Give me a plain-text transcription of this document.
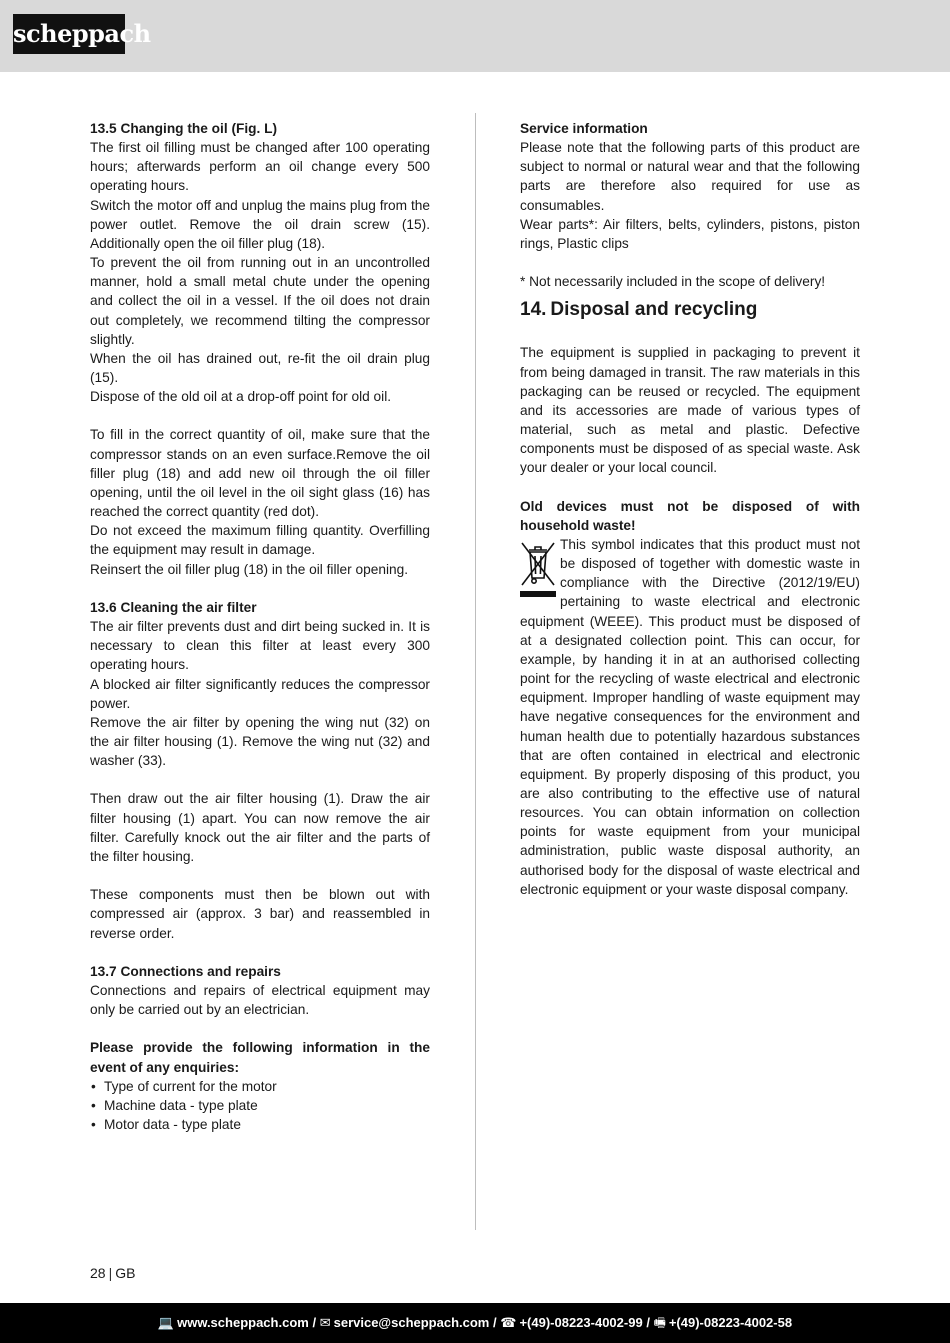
scheppach

13.5 Changing the oil (Fig. L)

The first oil filling must be changed after 100 operating hours; afterwards perform an oil change every 500 operating hours.

Switch the motor off and unplug the mains plug from the power outlet. Remove the oil drain screw (15). Additionally open the oil filler plug (18).

To prevent the oil from running out in an uncontrolled manner, hold a small metal chute under the opening and collect the oil in a vessel. If the oil does not drain out completely, we recommend tilting the compressor slightly.

When the oil has drained out, re-fit the oil drain plug (15).

Dispose of the old oil at a drop-off point for old oil.

To fill in the correct quantity of oil, make sure that the compressor stands on an even surface.Remove the oil filler plug (18) and add new oil through the oil filler opening, until the oil level in the oil sight glass (16) has reached the correct quantity (red dot).

Do not exceed the maximum filling quantity. Overfilling the equipment may result in damage.

Reinsert the oil filler plug (18) in the oil filler opening.

13.6 Cleaning the air filter

The air filter prevents dust and dirt being sucked in. It is necessary to clean this filter at least every 300 operating hours.

A blocked air filter significantly reduces the compressor power.

Remove the air filter by opening the wing nut (32) on the air filter housing (1). Remove the wing nut (32) and washer (33).

Then draw out the air filter housing (1). Draw the air filter housing (1) apart. You can now remove the air filter. Carefully knock out the air filter and the parts of the filter housing.

These components must then be blown out with compressed air (approx. 3 bar) and reassembled in reverse order.

13.7 Connections and repairs

Connections and repairs of electrical equipment may only be carried out by an electrician.

Please provide the following information in the event of any enquiries:

• Type of current for the motor
• Machine data - type plate
• Motor data - type plate

Service information

Please note that the following parts of this product are subject to normal or natural wear and that the following parts are therefore also required for use as consumables.

Wear parts*: Air filters, belts, cylinders, pistons, piston rings, Plastic clips

* Not necessarily included in the scope of delivery!

14. Disposal and recycling

The equipment is supplied in packaging to prevent it from being damaged in transit. The raw materials in this packaging can be reused or recycled. The equipment and its accessories are made of various types of material, such as metal and plastic. Defective components must be disposed of as special waste. Ask your dealer or your local council.

Old devices must not be disposed of with household waste!

This symbol indicates that this product must not be disposed of together with domestic waste in compliance with the Directive (2012/19/EU) pertaining to waste electrical and electronic equipment (WEEE). This product must be disposed of at a designated collection point. This can occur, for example, by handing it in at an authorised collecting point for the recycling of waste electrical and electronic equipment. Improper handling of waste equipment may have negative consequences for the environment and human health due to potentially hazardous substances that are often contained in electrical and electronic equipment. By properly disposing of this product, you are also contributing to the effective use of natural resources. You can obtain information on collection points for waste equipment from your municipal administration, public waste disposal authority, an authorised body for the disposal of waste electrical and electronic equipment or your waste disposal company.

28 | GB
💻 www.scheppach.com / ✉ service@scheppach.com / ☎ +(49)-08223-4002-99 / 🖷 +(49)-08223-4002-58
